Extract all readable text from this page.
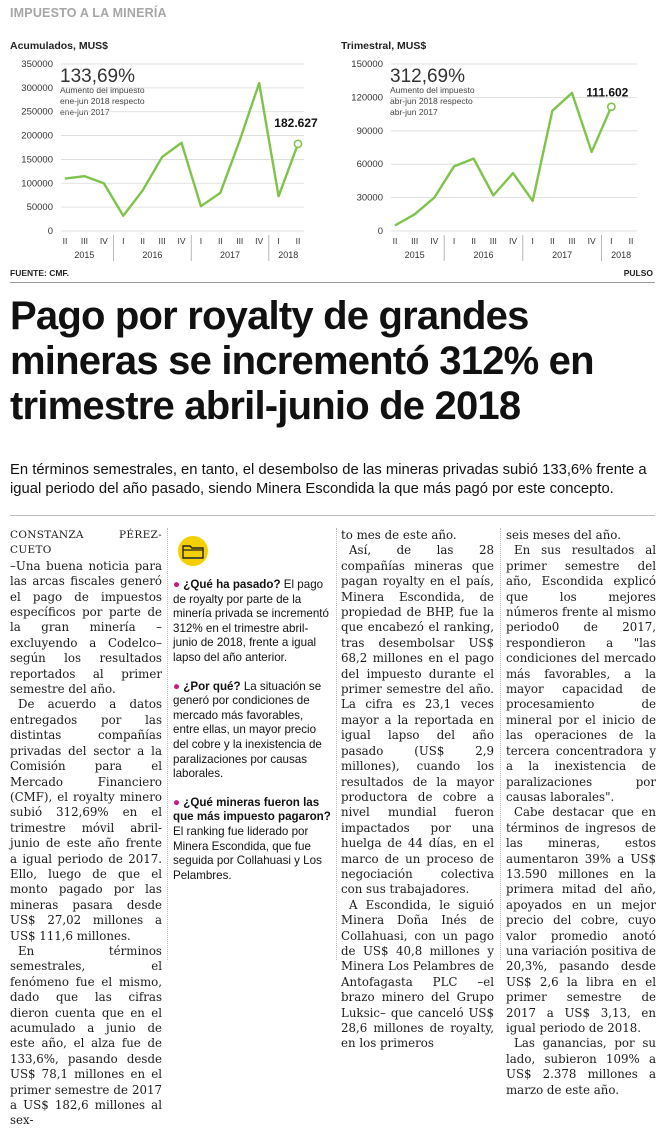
IMPUESTO A LA MINERÍA
Acumulados, MUS$	Trimestral, MUS$
133,69%
Aumento del impuesto
ene-jun 2018 respecto
ene-jun 2017
350000
300000
250000
200000
150000
100000
50000
0
II III IV I II III IV I II III IV I II
2015	2016	2017	2018
182.627
312,69%
Aumento del impuesto
abr-jun 2018 respecto
abr-jun 2017
150000
120000
90000
60000
30000
0
II III IV I II III IV I II III IV I II
2015	2016	2017	2018
111.602
FUENTE: CMF.	PULSO
Pago por royalty de grandes mineras se incrementó 312% en trimestre abril-junio de 2018

En términos semestrales, en tanto, el desembolso de las mineras privadas subió 133,6% frente a igual periodo del año pasado, siendo Minera Escondida la que más pagó por este concepto.

CONSTANZA PÉREZ-CUETO

–Una buena noticia para las arcas fiscales generó el pago de impuestos específicos por parte de la gran minería –excluyendo a Codelco– según los resultados reportados al primer semestre del año.

De acuerdo a datos entregados por las distintas compañías privadas del sector a la Comisión para el Mercado Financiero (CMF), el royalty minero subió 312,69% en el trimestre móvil abril-junio de este año frente a igual periodo de 2017. Ello, luego de que el monto pagado por las mineras pasara desde US$ 27,02 millones a US$ 111,6 millones.

En términos semestrales, el fenómeno fue el mismo, dado que las cifras dieron cuenta que en el acumulado a junio de este año, el alza fue de 133,6%, pasando desde US$ 78,1 millones en el primer semestre de 2017 a US$ 182,6 millones al sex-

● ¿Qué ha pasado? El pago de royalty por parte de la minería privada se incrementó 312% en el trimestre abril-junio de 2018, frente a igual lapso del año anterior.
● ¿Por qué? La situación se generó por condiciones de mercado más favorables, entre ellas, un mayor precio del cobre y la inexistencia de paralizaciones por causas laborales.
● ¿Qué mineras fueron las que más impuesto pagaron? El ranking fue liderado por Minera Escondida, que fue seguida por Collahuasi y Los Pelambres.

to mes de este año.

Así, de las 28 compañías mineras que pagan royalty en el país, Minera Escondida, de propiedad de BHP, fue la que encabezó el ranking, tras desembolsar US$ 68,2 millones en el pago del impuesto durante el primer semestre del año. La cifra es 23,1 veces mayor a la reportada en igual lapso del año pasado (US$ 2,9 millones), cuando los resultados de la mayor productora de cobre a nivel mundial fueron impactados por una huelga de 44 días, en el marco de un proceso de negociación colectiva con sus trabajadores.

A Escondida, le siguió Minera Doña Inés de Collahuasi, con un pago de US$ 40,8 millones y Minera Los Pelambres de Antofagasta PLC –el brazo minero del Grupo Luksic– que canceló US$ 28,6 millones de royalty, en los primeros

seis meses del año.

En sus resultados al primer semestre del año, Escondida explicó que los mejores números frente al mismo periodo0 de 2017, respondieron a "las condiciones del mercado más favorables, a la mayor capacidad de procesamiento de mineral por el inicio de las operaciones de la tercera concentradora y a la inexistencia de paralizaciones por causas laborales".

Cabe destacar que en términos de ingresos de las mineras, estos aumentaron 39% a US$ 13.590 millones en la primera mitad del año, apoyados en un mejor precio del cobre, cuyo valor promedio anotó una variación positiva de 20,3%, pasando desde US$ 2,6 la libra en el primer semestre de 2017 a US$ 3,13, en igual periodo de 2018.

Las ganancias, por su lado, subieron 109% a US$ 2.378 millones a marzo de este año.
